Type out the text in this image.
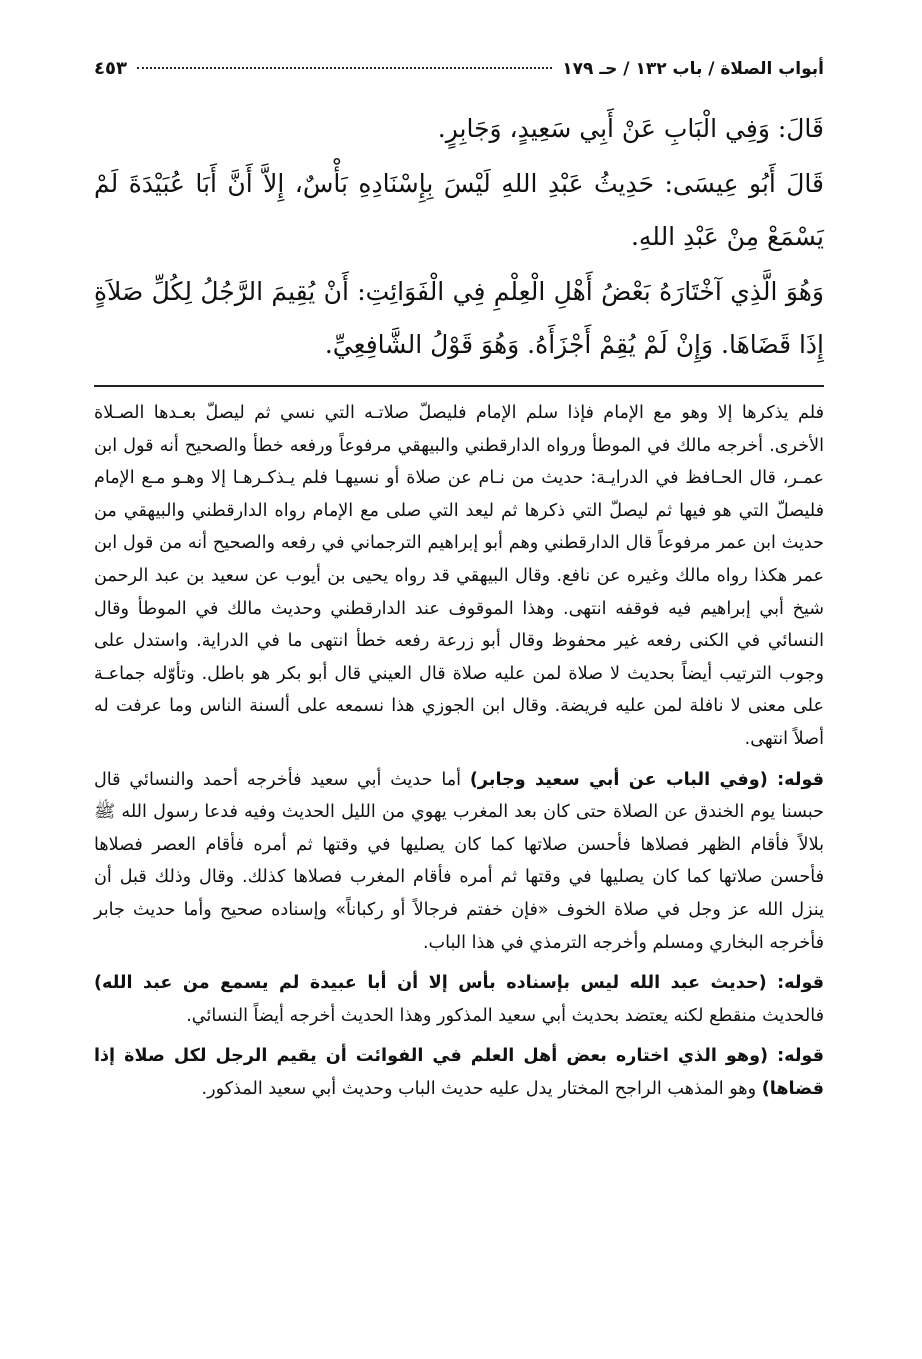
أبواب الصلاة / باب ١٣٢ / حـ ١٧٩
٤٥٣

قَالَ: وَفِي الْبَابِ عَنْ أَبِي سَعِيدٍ، وَجَابِرٍ.

قَالَ أَبُو عِيسَى: حَدِيثُ عَبْدِ اللهِ لَيْسَ بِإِسْنَادِهِ بَأْسٌ، إِلاَّ أَنَّ أَبَا عُبَيْدَةَ لَمْ يَسْمَعْ مِنْ عَبْدِ اللهِ.

وَهُوَ الَّذِي آخْتَارَهُ بَعْضُ أَهْلِ الْعِلْمِ فِي الْفَوَائِتِ: أَنْ يُقِيمَ الرَّجُلُ لِكُلِّ صَلاَةٍ إِذَا قَضَاهَا. وَإِنْ لَمْ يُقِمْ أَجْزَأَهُ. وَهُوَ قَوْلُ الشَّافِعِيِّ.

فلم يذكرها إلا وهو مع الإمام فإذا سلم الإمام فليصلّ صلاتـه التي نسي ثم ليصلّ بعـدها الصـلاة الأخرى. أخرجه مالك في الموطأ ورواه الدارقطني والبيهقي مرفوعاً ورفعه خطأ والصحيح أنه قول ابن عمـر، قال الحـافظ في الدرايـة: حديث من نـام عن صلاة أو نسيهـا فلم يـذكـرهـا إلا وهـو مـع الإمام فليصلّ التي هو فيها ثم ليصلّ التي ذكرها ثم ليعد التي صلى مع الإمام رواه الدارقطني والبيهقي من حديث ابن عمر مرفوعاً قال الدارقطني وهم أبو إبراهيم الترجماني في رفعه والصحيح أنه من قول ابن عمر هكذا رواه مالك وغيره عن نافع. وقال البيهقي قد رواه يحيى بن أيوب عن سعيد بن عبد الرحمن شيخ أبي إبراهيم فيه فوقفه انتهى. وهذا الموقوف عند الدارقطني وحديث مالك في الموطأ وقال النسائي في الكنى رفعه غير محفوظ وقال أبو زرعة رفعه خطأ انتهى ما في الدراية. واستدل على وجوب الترتيب أيضاً بحديث لا صلاة لمن عليه صلاة قال العيني قال أبو بكر هو باطل. وتأوّله جماعـة على معنى لا نافلة لمن عليه فريضة. وقال ابن الجوزي هذا نسمعه على ألسنة الناس وما عرفت له أصلاً انتهى.

قوله: (وفي الباب عن أبي سعيد وجابر) أما حديث أبي سعيد فأخرجه أحمد والنسائي قال حبسنا يوم الخندق عن الصلاة حتى كان بعد المغرب يهوي من الليل الحديث وفيه فدعا رسول الله ﷺ بلالاً فأقام الظهر فصلاها فأحسن صلاتها كما كان يصليها في وقتها ثم أمره فأقام العصر فصلاها فأحسن صلاتها كما كان يصليها في وقتها ثم أمره فأقام المغرب فصلاها كذلك. وقال وذلك قبل أن ينزل الله عز وجل في صلاة الخوف «فإن خفتم فرجالاً أو ركباناً» وإسناده صحيح وأما حديث جابر فأخرجه البخاري ومسلم وأخرجه الترمذي في هذا الباب.

قوله: (حديث عبد الله ليس بإسناده بأس إلا أن أبا عبيدة لم يسمع من عبد الله) فالحديث منقطع لكنه يعتضد بحديث أبي سعيد المذكور وهذا الحديث أخرجه أيضاً النسائي.

قوله: (وهو الذي اختاره بعض أهل العلم في الفوائت أن يقيم الرجل لكل صلاة إذا قضاها) وهو المذهب الراجح المختار يدل عليه حديث الباب وحديث أبي سعيد المذكور.
